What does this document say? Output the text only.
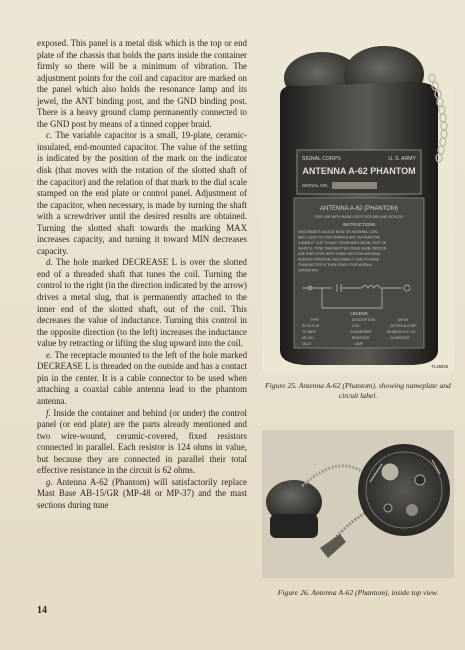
exposed. This panel is a metal disk which is the top or end plate of the chassis that holds the parts inside the container firmly so there will be a minimum of vibration. The adjustment points for the coil and capacitor are marked on the panel which also holds the resonance lamp and its jewel, the ANT binding post, and the GND binding post. There is a heavy ground clamp permanently connected to the GND post by means of a tinned copper braid.

c. The variable capacitor is a small, 19-plate, ceramic-insulated, end-mounted capacitor. The value of the setting is indicated by the position of the mark on the indicator disk (that moves with the rotation of the slotted shaft of the capacitor) and the relation of that mark to the dial scale stamped on the end plate or control panel. Adjustment of the capacitor, when necessary, is made by turning the shaft with a screwdriver until the desired results are obtained. Turning the slotted shaft towards the marking MAX increases capacity, and turning it toward MIN decreases capacity.

d. The hole marked DECREASE L is over the slotted end of a threaded shaft that tunes the coil. Turning the control to the right (in the direction indicated by the arrow) drives a metal slug, that is permanently attached to the inner end of the slotted shaft, out of the coil. This decreases the value of inductance. Turning this control in the opposite direction (to the left) increases the inductance value by retracting or lifting the slug upward into the coil.

e. The receptacle mounted to the left of the hole marked DECREASE L is threaded on the outside and has a contact pin in the center. It is a cable connector to be used when attaching a coaxial cable antenna lead to the phantom antenna.

f. Inside the container and behind (or under) the control panel (or end plate) are the parts already mentioned and two wire-wound, ceramic-covered, fixed resistors connected in parallel. Each resistor is 124 ohms in value, but because they are connected in parallel their total effective resistance in the circuit is 62 ohms.

g. Antenna A-62 (Phantom) will satisfactorily replace Mast Base AB-15/GR (MP-48 or MP-37) and the mast sections during tune

14
SIGNAL CORPS	U. S. ARMY
ANTENNA A-62 PHANTOM
SERIAL NO.
ANTENNA A-62 (PHANTOM)
FOR USE WITH RADIO SETS SCR-509 AND SCR-510
INSTRUCTIONS
DISCONNECT LEAD AT BASE OF ANTENNA. CON-
NECT LEAD TO POST MARKED ANT ON PHANTOM.
CONNECT CLIP TO ANY CONVENIENT METAL PART OF
VEHICLE. TUNE TRANSMITTER USING SAME PROCED-
URE EMPLOYED WITH THREE-SECTION ANTENNA.
REMOVE PHANTOM. RECONNECT LEAD TO BASE.
TRANSMITTER IS THEN READY FOR NORMAL
OPERATION.
LEGEND
TYPE	DESCRIPTION	MFGR
SC-D-4718	COIL	DETROLA CORP.
TC-94DF	CONDENSER	JOHNSON E.F. CO.
MC-20J	RESISTOR	CLAROSTAT
1M-27	LAMP
TL45828
Figure 25. Antenna A-62 (Phantom), showing nameplate and circuit label.
Figure 26. Antenna A-62 (Phantom), inside top view.
